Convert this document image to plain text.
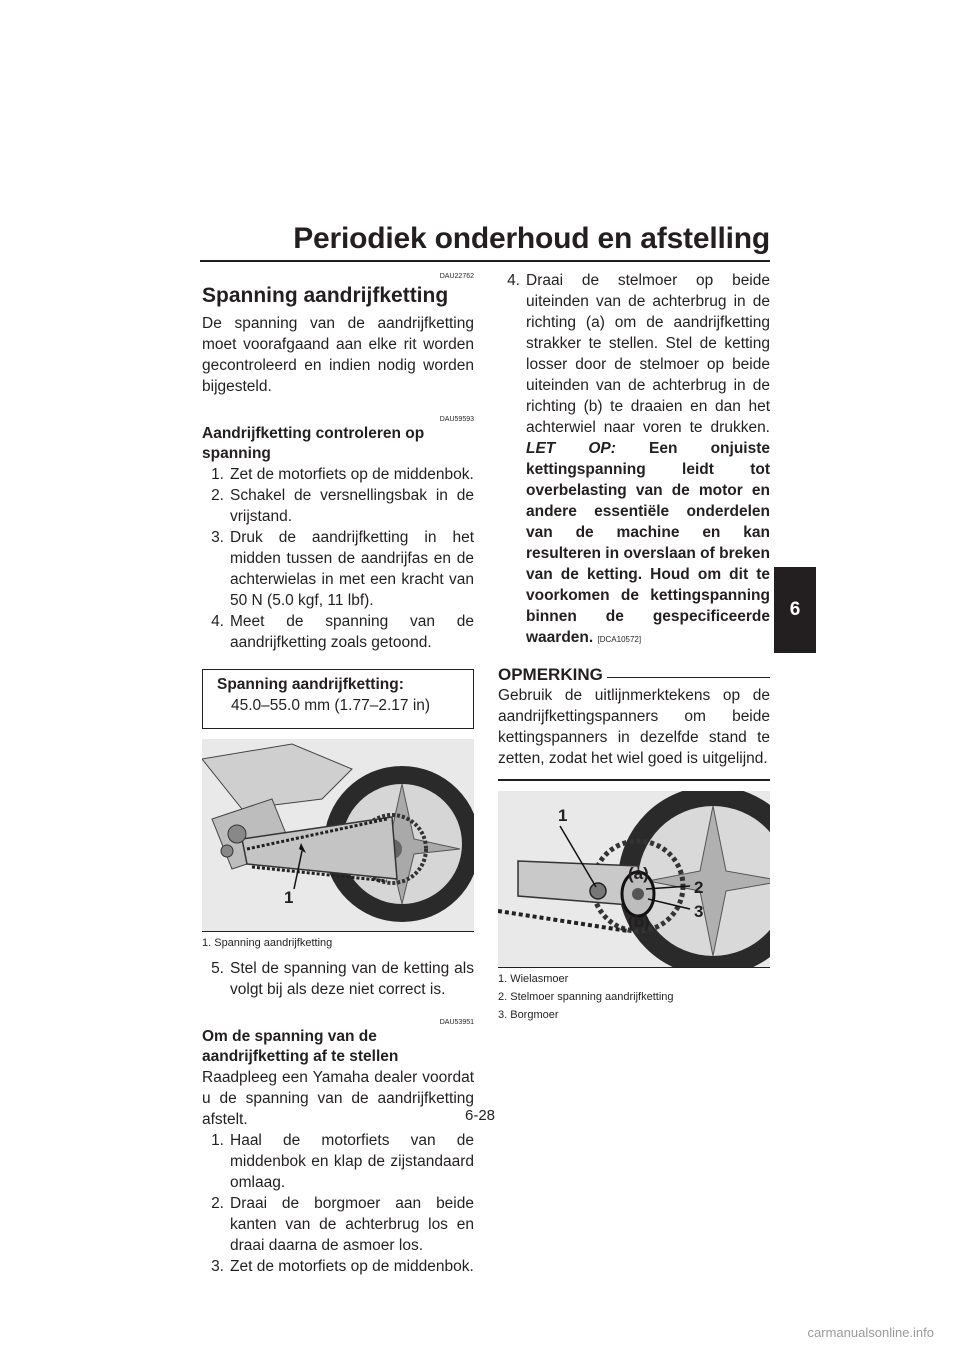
Periodiek onderhoud en afstelling
6
DAU22762
Spanning aandrijfketting

De spanning van de aandrijfketting moet voorafgaand aan elke rit worden gecontroleerd en indien nodig worden bijgesteld.

DAU59593
Aandrijfketting controleren op spanning
1. Zet de motorfiets op de middenbok.
2. Schakel de versnellingsbak in de vrijstand.
3. Druk de aandrijfketting in het midden tussen de aandrijfas en de achterwielas in met een kracht van 50 N (5.0 kgf, 11 lbf).
4. Meet de spanning van de aandrijfketting zoals getoond.
Spanning aandrijfketting:
45.0–55.0 mm (1.77–2.17 in)
1
1. Spanning aandrijfketting
5. Stel de spanning van de ketting als volgt bij als deze niet correct is.
DAU53951
Om de spanning van de aandrijfketting af te stellen

Raadpleeg een Yamaha dealer voordat u de spanning van de aandrijfketting afstelt.

1. Haal de motorfiets van de middenbok en klap de zijstandaard omlaag.
2. Draai de borgmoer aan beide kanten van de achterbrug los en draai daarna de asmoer los.
3. Zet de motorfiets op de middenbok.
4. Draai de stelmoer op beide uiteinden van de achterbrug in de richting (a) om de aandrijfketting strakker te stellen. Stel de ketting losser door de stelmoer op beide uiteinden van de achterbrug in de richting (b) te draaien en dan het achterwiel naar voren te drukken. LET OP: Een onjuiste kettingspanning leidt tot overbelasting van de motor en andere essentiële onderdelen van de machine en kan resulteren in overslaan of breken van de ketting. Houd om dit te voorkomen de kettingspanning binnen de gespecificeerde waarden. [DCA10572]
OPMERKING

Gebruik de uitlijnmerktekens op de aandrijfkettingspanners om beide kettingspanners in dezelfde stand te zetten, zodat het wiel goed is uitgelijnd.

1
2
3
(a)
(b)
1. Wielasmoer
2. Stelmoer spanning aandrijfketting
3. Borgmoer
6-28
carmanualsonline.info
